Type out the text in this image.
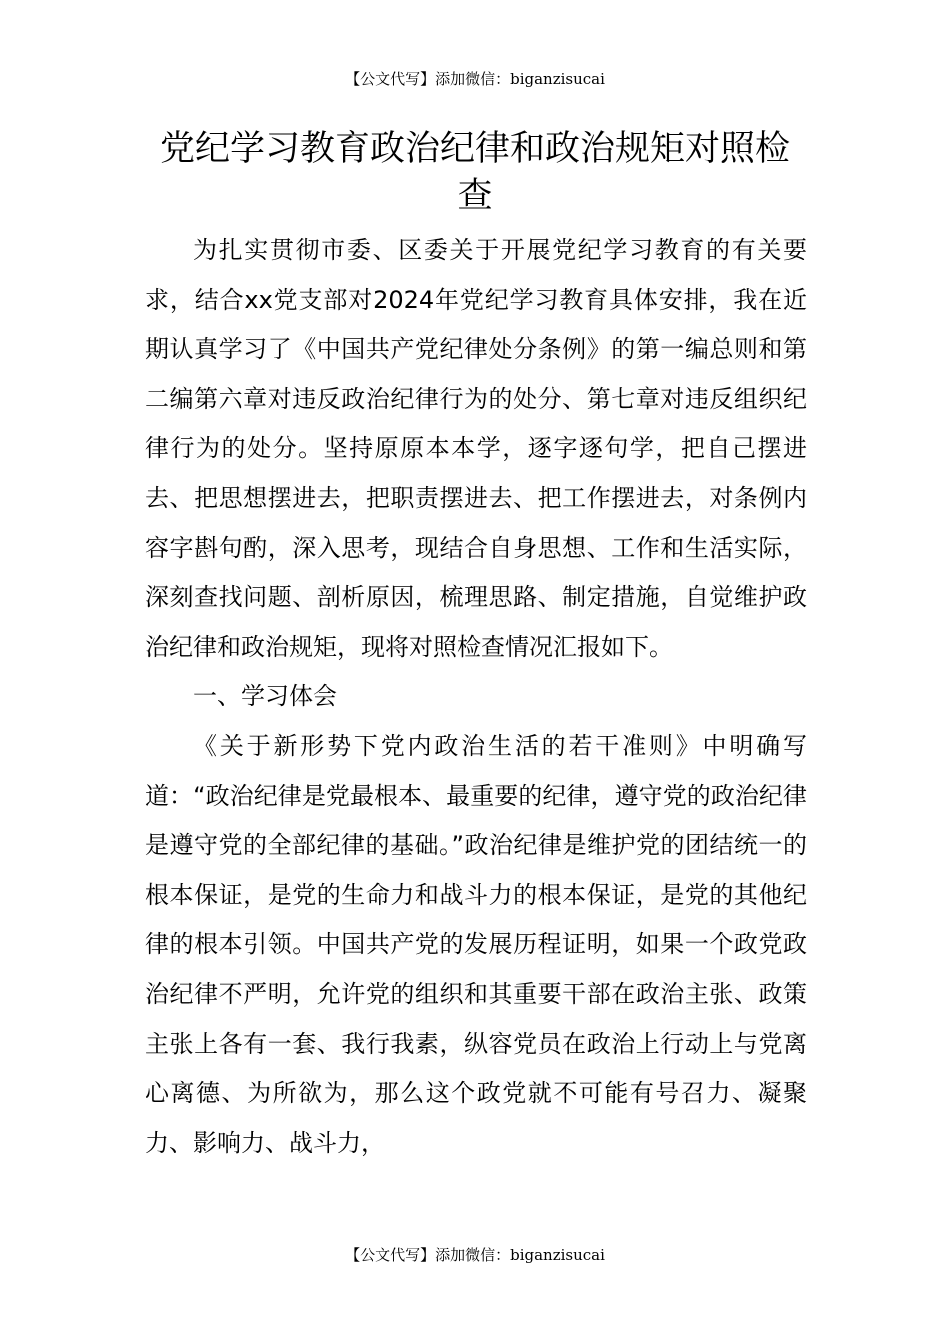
【公文代写】添加微信：biganzisucai
党纪学习教育政治纪律和政治规矩对照检查

为扎实贯彻市委、区委关于开展党纪学习教育的有关要求，结合xx党支部对2024年党纪学习教育具体安排，我在近期认真学习了《中国共产党纪律处分条例》的第一编总则和第二编第六章对违反政治纪律行为的处分、第七章对违反组织纪律行为的处分。坚持原原本本学，逐字逐句学，把自己摆进去、把思想摆进去，把职责摆进去、把工作摆进去，对条例内容字斟句酌，深入思考，现结合自身思想、工作和生活实际，深刻查找问题、剖析原因，梳理思路、制定措施，自觉维护政治纪律和政治规矩，现将对照检查情况汇报如下。

一、学习体会

《关于新形势下党内政治生活的若干准则》中明确写道：“政治纪律是党最根本、最重要的纪律，遵守党的政治纪律是遵守党的全部纪律的基础。”政治纪律是维护党的团结统一的根本保证，是党的生命力和战斗力的根本保证，是党的其他纪律的根本引领。中国共产党的发展历程证明，如果一个政党政治纪律不严明，允许党的组织和其重要干部在政治主张、政策主张上各有一套、我行我素，纵容党员在政治上行动上与党离心离德、为所欲为，那么这个政党就不可能有号召力、凝聚力、影响力、战斗力，

【公文代写】添加微信：biganzisucai
